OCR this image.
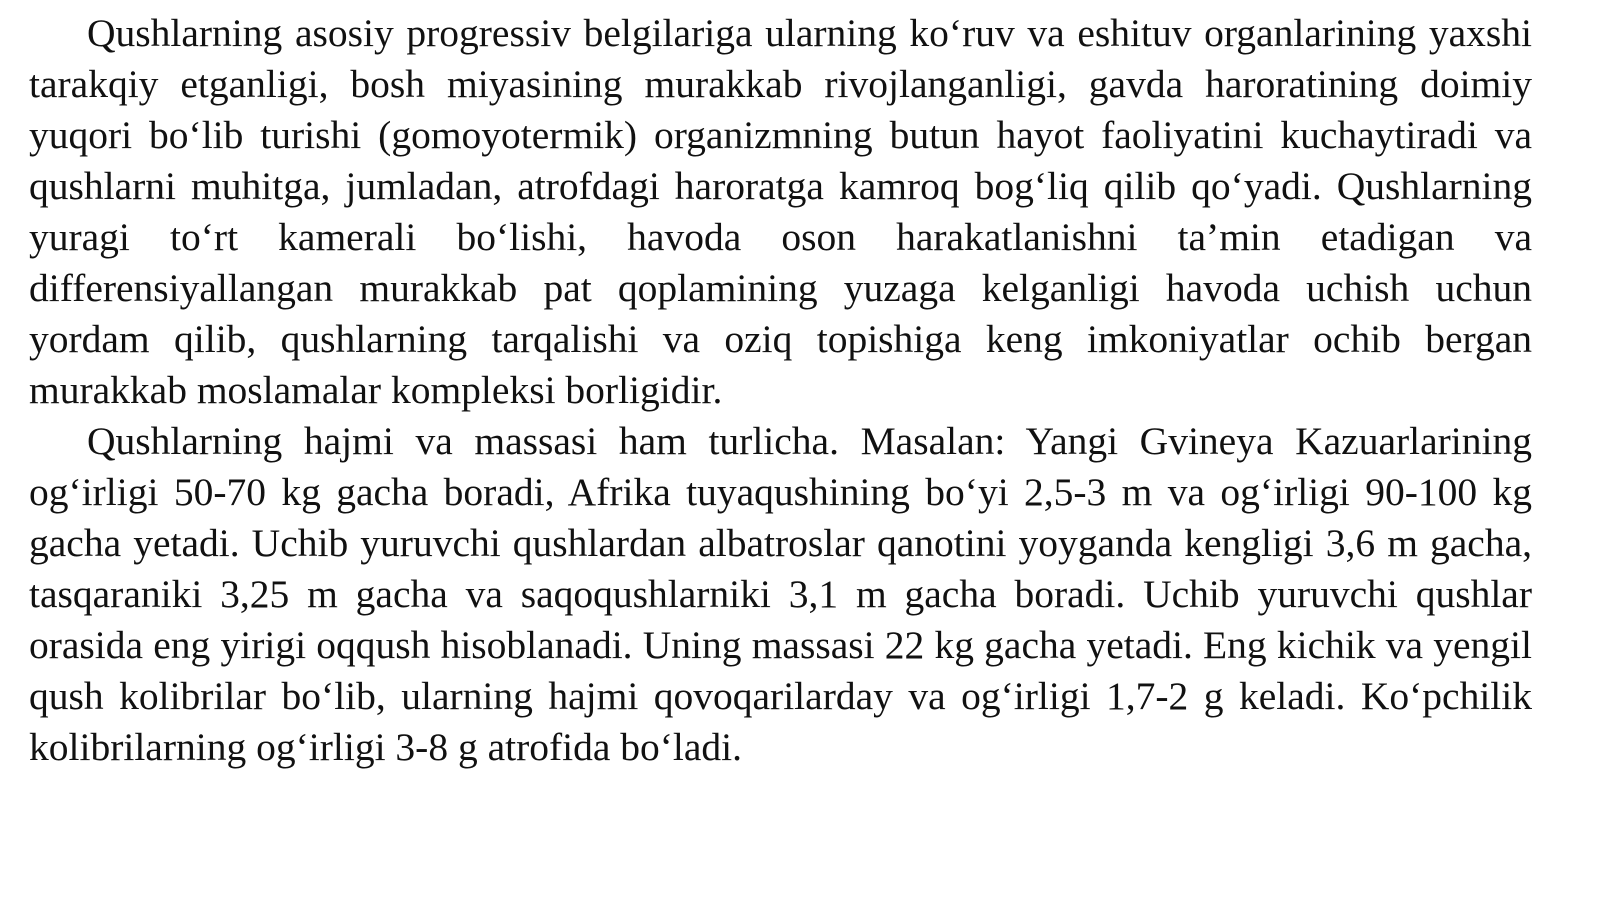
Qushlarning asosiy progressiv belgilariga ularning ko‘ruv va eshituv organlarining yaxshi tarakqiy etganligi, bosh miyasining murakkab rivojlanganligi, gavda haroratining doimiy yuqori bo‘lib turishi (gomoyotermik) organizmning butun hayot faoliyatini kuchaytiradi va qushlarni muhitga, jumladan, atrofdagi haroratga kamroq bog‘liq qilib qo‘yadi. Qushlarning yuragi to‘rt kamerali bo‘lishi, havoda oson harakatlanishni ta’min etadigan va differensiyallangan murakkab pat qoplamining yuzaga kelganligi havoda uchish uchun yordam qilib, qushlarning tarqalishi va oziq topishiga keng imkoniyatlar ochib bergan murakkab moslamalar kompleksi borligidir.

Qushlarning hajmi va massasi ham turlicha. Masalan: Yangi Gvineya Kazuarlarining og‘irligi 50-70 kg gacha boradi, Afrika tuyaqushining bo‘yi 2,5-3 m va og‘irligi 90-100 kg gacha yetadi. Uchib yuruvchi qushlardan albatroslar qanotini yoyganda kengligi 3,6 m gacha, tasqaraniki 3,25 m gacha va saqoqushlarniki 3,1 m gacha boradi. Uchib yuruvchi qushlar orasida eng yirigi oqqush hisoblanadi. Uning massasi 22 kg gacha yetadi. Eng kichik va yengil qush kolibrilar bo‘lib, ularning hajmi qovoqarilarday va og‘irligi 1,7-2 g keladi. Ko‘pchilik kolibrilarning og‘irligi 3-8 g atrofida bo‘ladi.
